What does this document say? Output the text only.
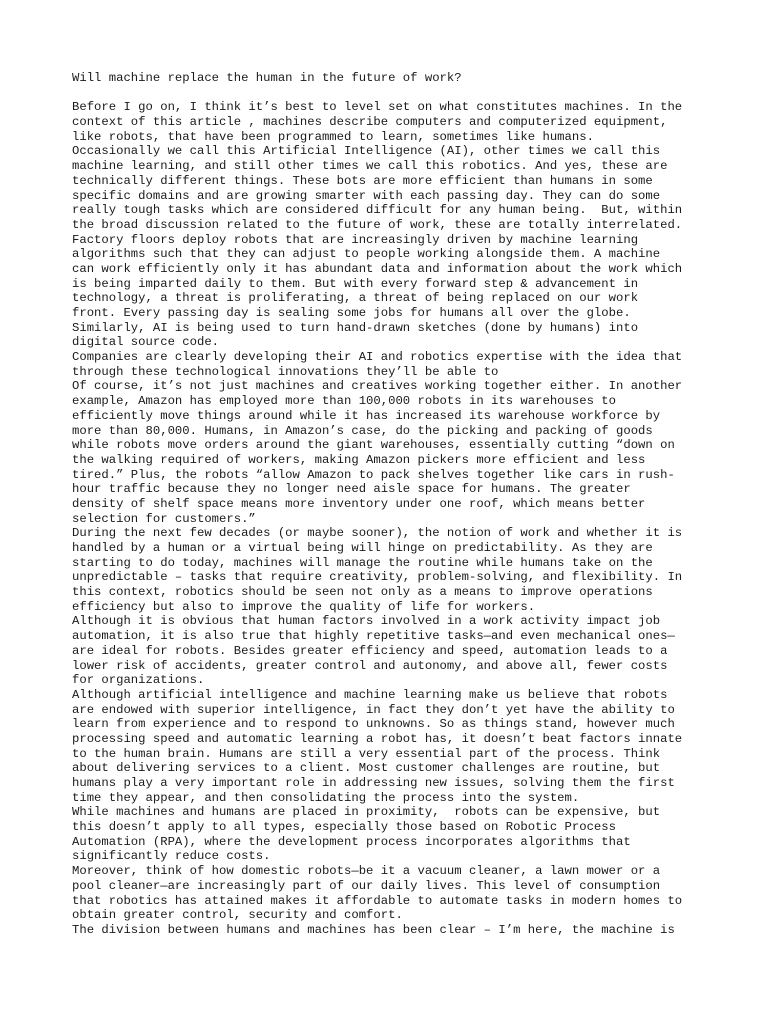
Will machine replace the human in the future of work?
Before I go on, I think it’s best to level set on what constitutes machines. In the
context of this article , machines describe computers and computerized equipment,
like robots, that have been programmed to learn, sometimes like humans.
Occasionally we call this Artificial Intelligence (AI), other times we call this
machine learning, and still other times we call this robotics. And yes, these are
technically different things. These bots are more efficient than humans in some
specific domains and are growing smarter with each passing day. They can do some
really tough tasks which are considered difficult for any human being.  But, within
the broad discussion related to the future of work, these are totally interrelated.
Factory floors deploy robots that are increasingly driven by machine learning
algorithms such that they can adjust to people working alongside them. A machine
can work efficiently only it has abundant data and information about the work which
is being imparted daily to them. But with every forward step & advancement in
technology, a threat is proliferating, a threat of being replaced on our work
front. Every passing day is sealing some jobs for humans all over the globe.
Similarly, AI is being used to turn hand-drawn sketches (done by humans) into
digital source code.
Companies are clearly developing their AI and robotics expertise with the idea that
through these technological innovations they’ll be able to
Of course, it’s not just machines and creatives working together either. In another
example, Amazon has employed more than 100,000 robots in its warehouses to
efficiently move things around while it has increased its warehouse workforce by
more than 80,000. Humans, in Amazon’s case, do the picking and packing of goods
while robots move orders around the giant warehouses, essentially cutting “down on
the walking required of workers, making Amazon pickers more efficient and less
tired.” Plus, the robots “allow Amazon to pack shelves together like cars in rush-
hour traffic because they no longer need aisle space for humans. The greater
density of shelf space means more inventory under one roof, which means better
selection for customers.”
During the next few decades (or maybe sooner), the notion of work and whether it is
handled by a human or a virtual being will hinge on predictability. As they are
starting to do today, machines will manage the routine while humans take on the
unpredictable – tasks that require creativity, problem-solving, and flexibility. In
this context, robotics should be seen not only as a means to improve operations
efficiency but also to improve the quality of life for workers.
Although it is obvious that human factors involved in a work activity impact job
automation, it is also true that highly repetitive tasks—and even mechanical ones—
are ideal for robots. Besides greater efficiency and speed, automation leads to a
lower risk of accidents, greater control and autonomy, and above all, fewer costs
for organizations.
Although artificial intelligence and machine learning make us believe that robots
are endowed with superior intelligence, in fact they don’t yet have the ability to
learn from experience and to respond to unknowns. So as things stand, however much
processing speed and automatic learning a robot has, it doesn’t beat factors innate
to the human brain. Humans are still a very essential part of the process. Think
about delivering services to a client. Most customer challenges are routine, but
humans play a very important role in addressing new issues, solving them the first
time they appear, and then consolidating the process into the system.
While machines and humans are placed in proximity,  robots can be expensive, but
this doesn’t apply to all types, especially those based on Robotic Process
Automation (RPA), where the development process incorporates algorithms that
significantly reduce costs.
Moreover, think of how domestic robots—be it a vacuum cleaner, a lawn mower or a
pool cleaner—are increasingly part of our daily lives. This level of consumption
that robotics has attained makes it affordable to automate tasks in modern homes to
obtain greater control, security and comfort.
The division between humans and machines has been clear – I’m here, the machine is
